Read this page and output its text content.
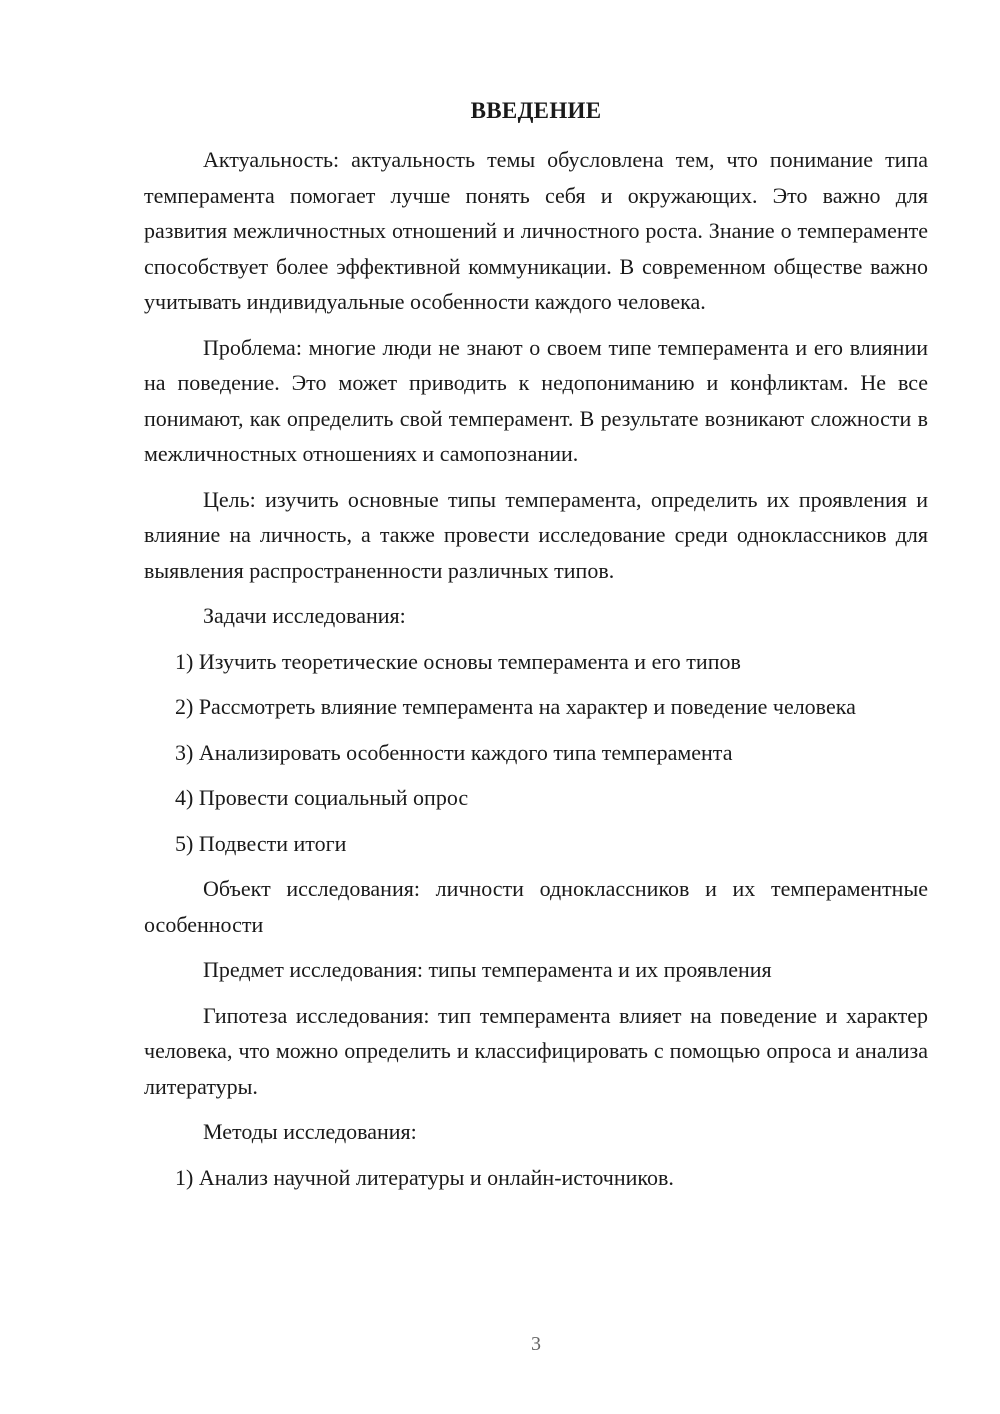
ВВЕДЕНИЕ

Актуальность: актуальность темы обусловлена тем, что понимание типа темперамента помогает лучше понять себя и окружающих. Это важно для развития межличностных отношений и личностного роста. Знание о темпераменте способствует более эффективной коммуникации. В современном обществе важно учитывать индивидуальные особенности каждого человека.

Проблема: многие люди не знают о своем типе темперамента и его влиянии на поведение. Это может приводить к недопониманию и конфликтам. Не все понимают, как определить свой темперамент. В результате возникают сложности в межличностных отношениях и самопознании.

Цель: изучить основные типы темперамента, определить их проявления и влияние на личность, а также провести исследование среди одноклассников для выявления распространенности различных типов.

Задачи исследования:

1) Изучить теоретические основы темперамента и его типов

2) Рассмотреть влияние темперамента на характер и поведение человека

3) Анализировать особенности каждого типа темперамента

4) Провести социальный опрос

5) Подвести итоги

Объект исследования: личности одноклассников и их темпераментные особенности

Предмет исследования: типы темперамента и их проявления

Гипотеза исследования: тип темперамента влияет на поведение и характер человека, что можно определить и классифицировать с помощью опроса и анализа литературы.

Методы исследования:

1) Анализ научной литературы и онлайн-источников.

3
